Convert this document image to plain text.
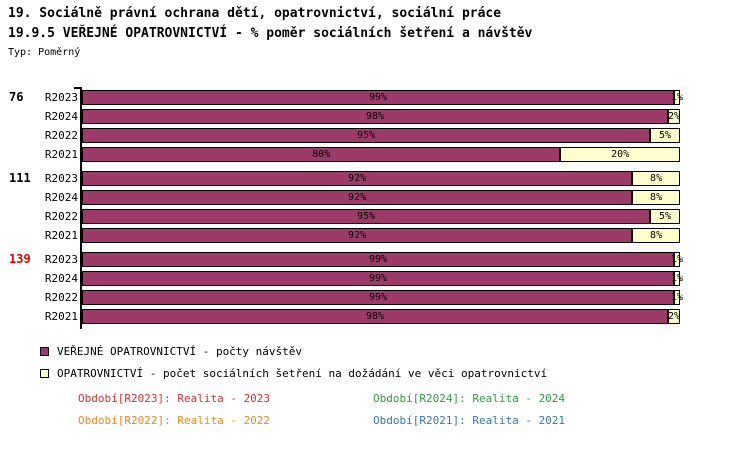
19. Sociálně právní ochrana dětí, opatrovnictví, sociální práce
19.9.5 VEŘEJNÉ OPATROVNICTVÍ - % poměr sociálních šetření a návštěv
Typ: Poměrný
76	R2023	99%	1%
R2024	98%	2%
R2022	95%	5%
R2021	80%	20%
111	R2023	92%	8%
R2024	92%	8%
R2022	95%	5%
R2021	92%	8%
139	R2023	99%	1%
R2024	99%	1%
R2022	99%	1%
R2021	98%	2%
VEŘEJNÉ OPATROVNICTVÍ - počty návštěv
OPATROVNICTVÍ - počet sociálních šetření na dožádání ve věci opatrovnictví
Období[R2023]: Realita - 2023	Období[R2024]: Realita - 2024
Období[R2022]: Realita - 2022	Období[R2021]: Realita - 2021
